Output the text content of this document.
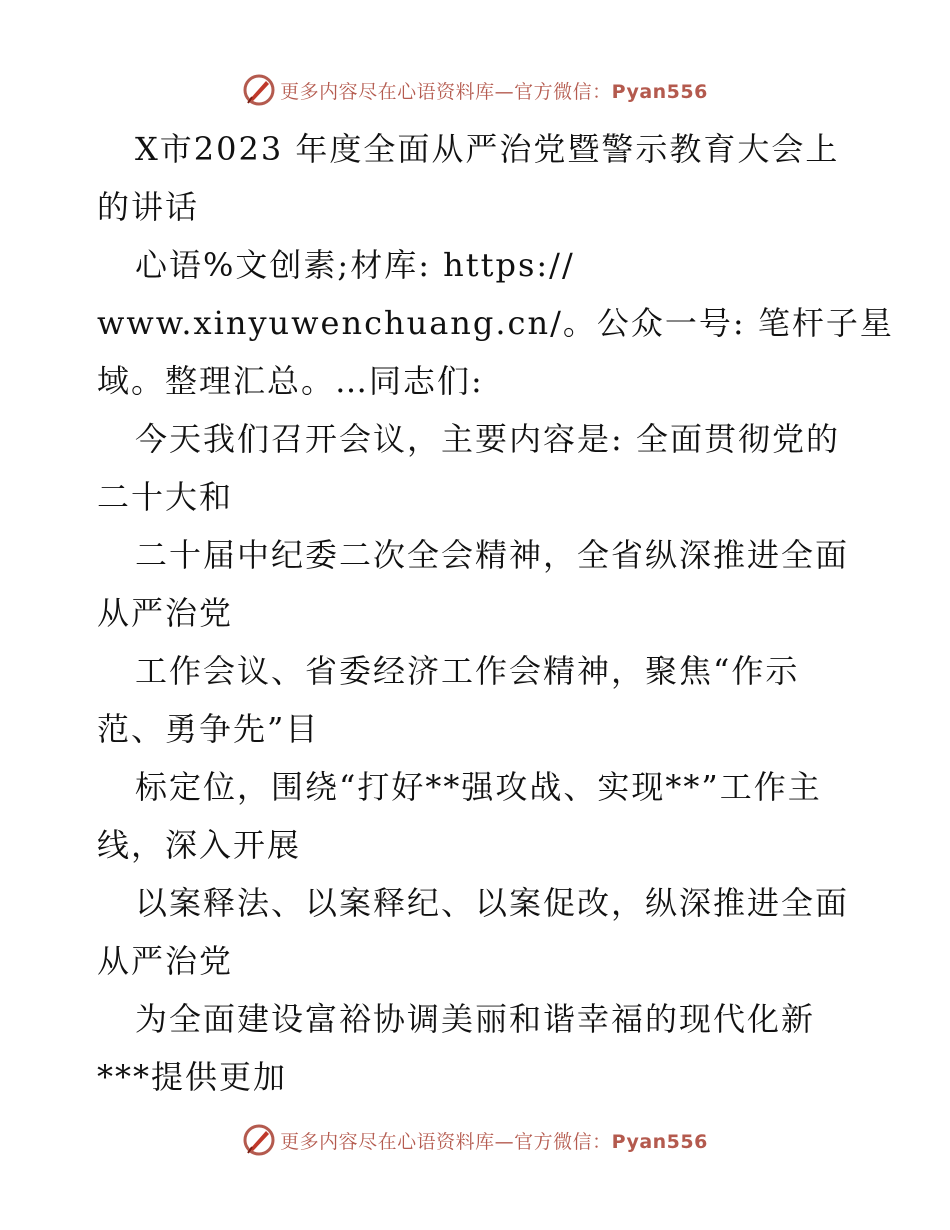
更多内容尽在心语资料库—官方微信：Pyan556

X市2023 年度全面从严治党暨警示教育大会上
的讲话

心语%文创素;材库: https://
www.xinyuwenchuang.cn/。公众一号: 笔杆子星
域。整理汇总。…同志们:

今天我们召开会议，主要内容是: 全面贯彻党的
二十大和

二十届中纪委二次全会精神，全省纵深推进全面
从严治党

工作会议、省委经济工作会精神，聚焦“作示
范、勇争先”目

标定位，围绕“打好**强攻战、实现**”工作主
线，深入开展

以案释法、以案释纪、以案促改，纵深推进全面
从严治党

为全面建设富裕协调美丽和谐幸福的现代化新
***提供更加

更多内容尽在心语资料库—官方微信：Pyan556
